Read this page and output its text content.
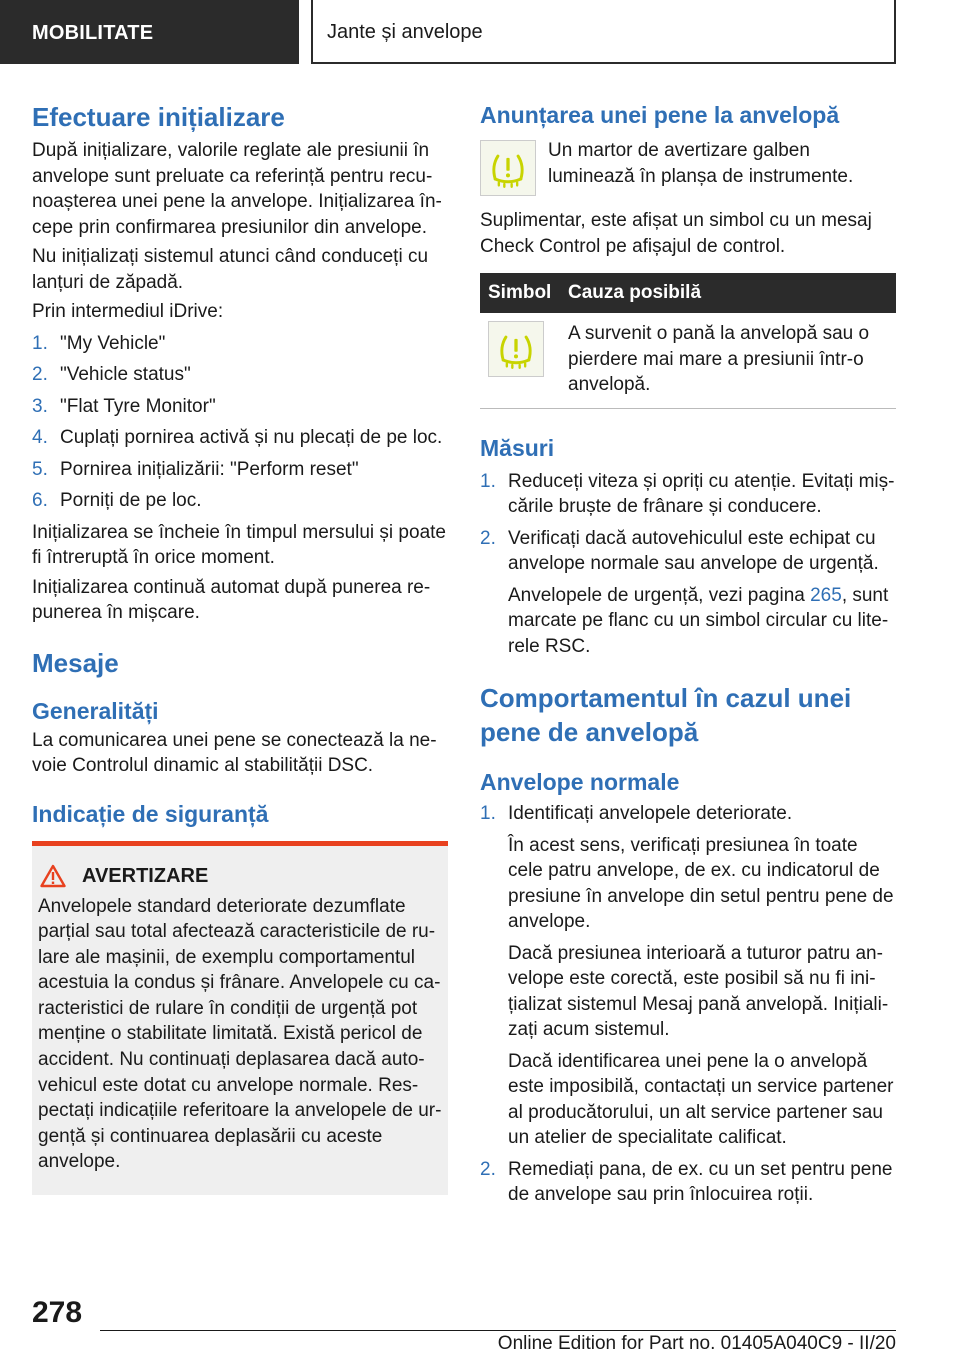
MOBILITATE	Jante și anvelope
Efectuare inițializare

După inițializare, valorile reglate ale presiunii în anvelope sunt preluate ca referință pentru recunoașterea unei pene la anvelope. Inițializarea începe prin confirmarea presiunilor din anvelope.

Nu inițializați sistemul atunci când conduceți cu lanțuri de zăpadă.

Prin intermediul iDrive:

1. "My Vehicle"
2. "Vehicle status"
3. "Flat Tyre Monitor"
4. Cuplați pornirea activă și nu plecați de pe loc.
5. Pornirea inițializării: "Perform reset"
6. Porniți de pe loc.

Inițializarea se încheie în timpul mersului și poate fi întreruptă în orice moment.

Inițializarea continuă automat după punerea repunerea în mișcare.

Mesaje
Generalități

La comunicarea unei pene se conectează la nevoie Controlul dinamic al stabilității DSC.

Indicație de siguranță
AVERTIZARE
Anvelopele standard deteriorate dezumflate parțial sau total afectează caracteristicile de rulare ale mașinii, de exemplu comportamentul acestuia la condus și frânare. Anvelopele cu caracteristici de rulare în condiții de urgență pot menține o stabilitate limitată. Există pericol de accident. Nu continuați deplasarea dacă autovehicul este dotat cu anvelope normale. Respectați indicațiile referitoare la anvelopele de urgență și continuarea deplasării cu aceste anvelope.
Anunțarea unei pene la anvelopă
Un martor de avertizare galben luminează în planșa de instrumente.

Suplimentar, este afișat un simbol cu un mesaj Check Control pe afișajul de control.

Simbol	Cauza posibilă

	A survenit o pană la anvelopă sau o pierdere mai mare a presiunii într-o anvelopă.
Măsuri
1. Reduceți viteza și opriți cu atenție. Evitați mișcările bruște de frânare și conducere.
2. Verificați dacă autovehiculul este echipat cu anvelope normale sau anvelope de urgență.
Anvelopele de urgență, vezi pagina 265, sunt marcate pe flanc cu un simbol circular cu literele RSC.
Comportamentul în cazul unei pene de anvelopă
Anvelope normale
1. Identificați anvelopele deteriorate.
În acest sens, verificați presiunea în toate cele patru anvelope, de ex. cu indicatorul de presiune în anvelope din setul pentru pene de anvelope.
Dacă presiunea interioară a tuturor patru anvelope este corectă, este posibil să nu fi inițializat sistemul Mesaj pană anvelopă. Inițializați acum sistemul.
Dacă identificarea unei pene la o anvelopă este imposibilă, contactați un service partener al producătorului, un alt service partener sau un atelier de specialitate calificat.
2. Remediați pana, de ex. cu un set pentru pene de anvelope sau prin înlocuirea roții.
278
Online Edition for Part no. 01405A040C9 - II/20
